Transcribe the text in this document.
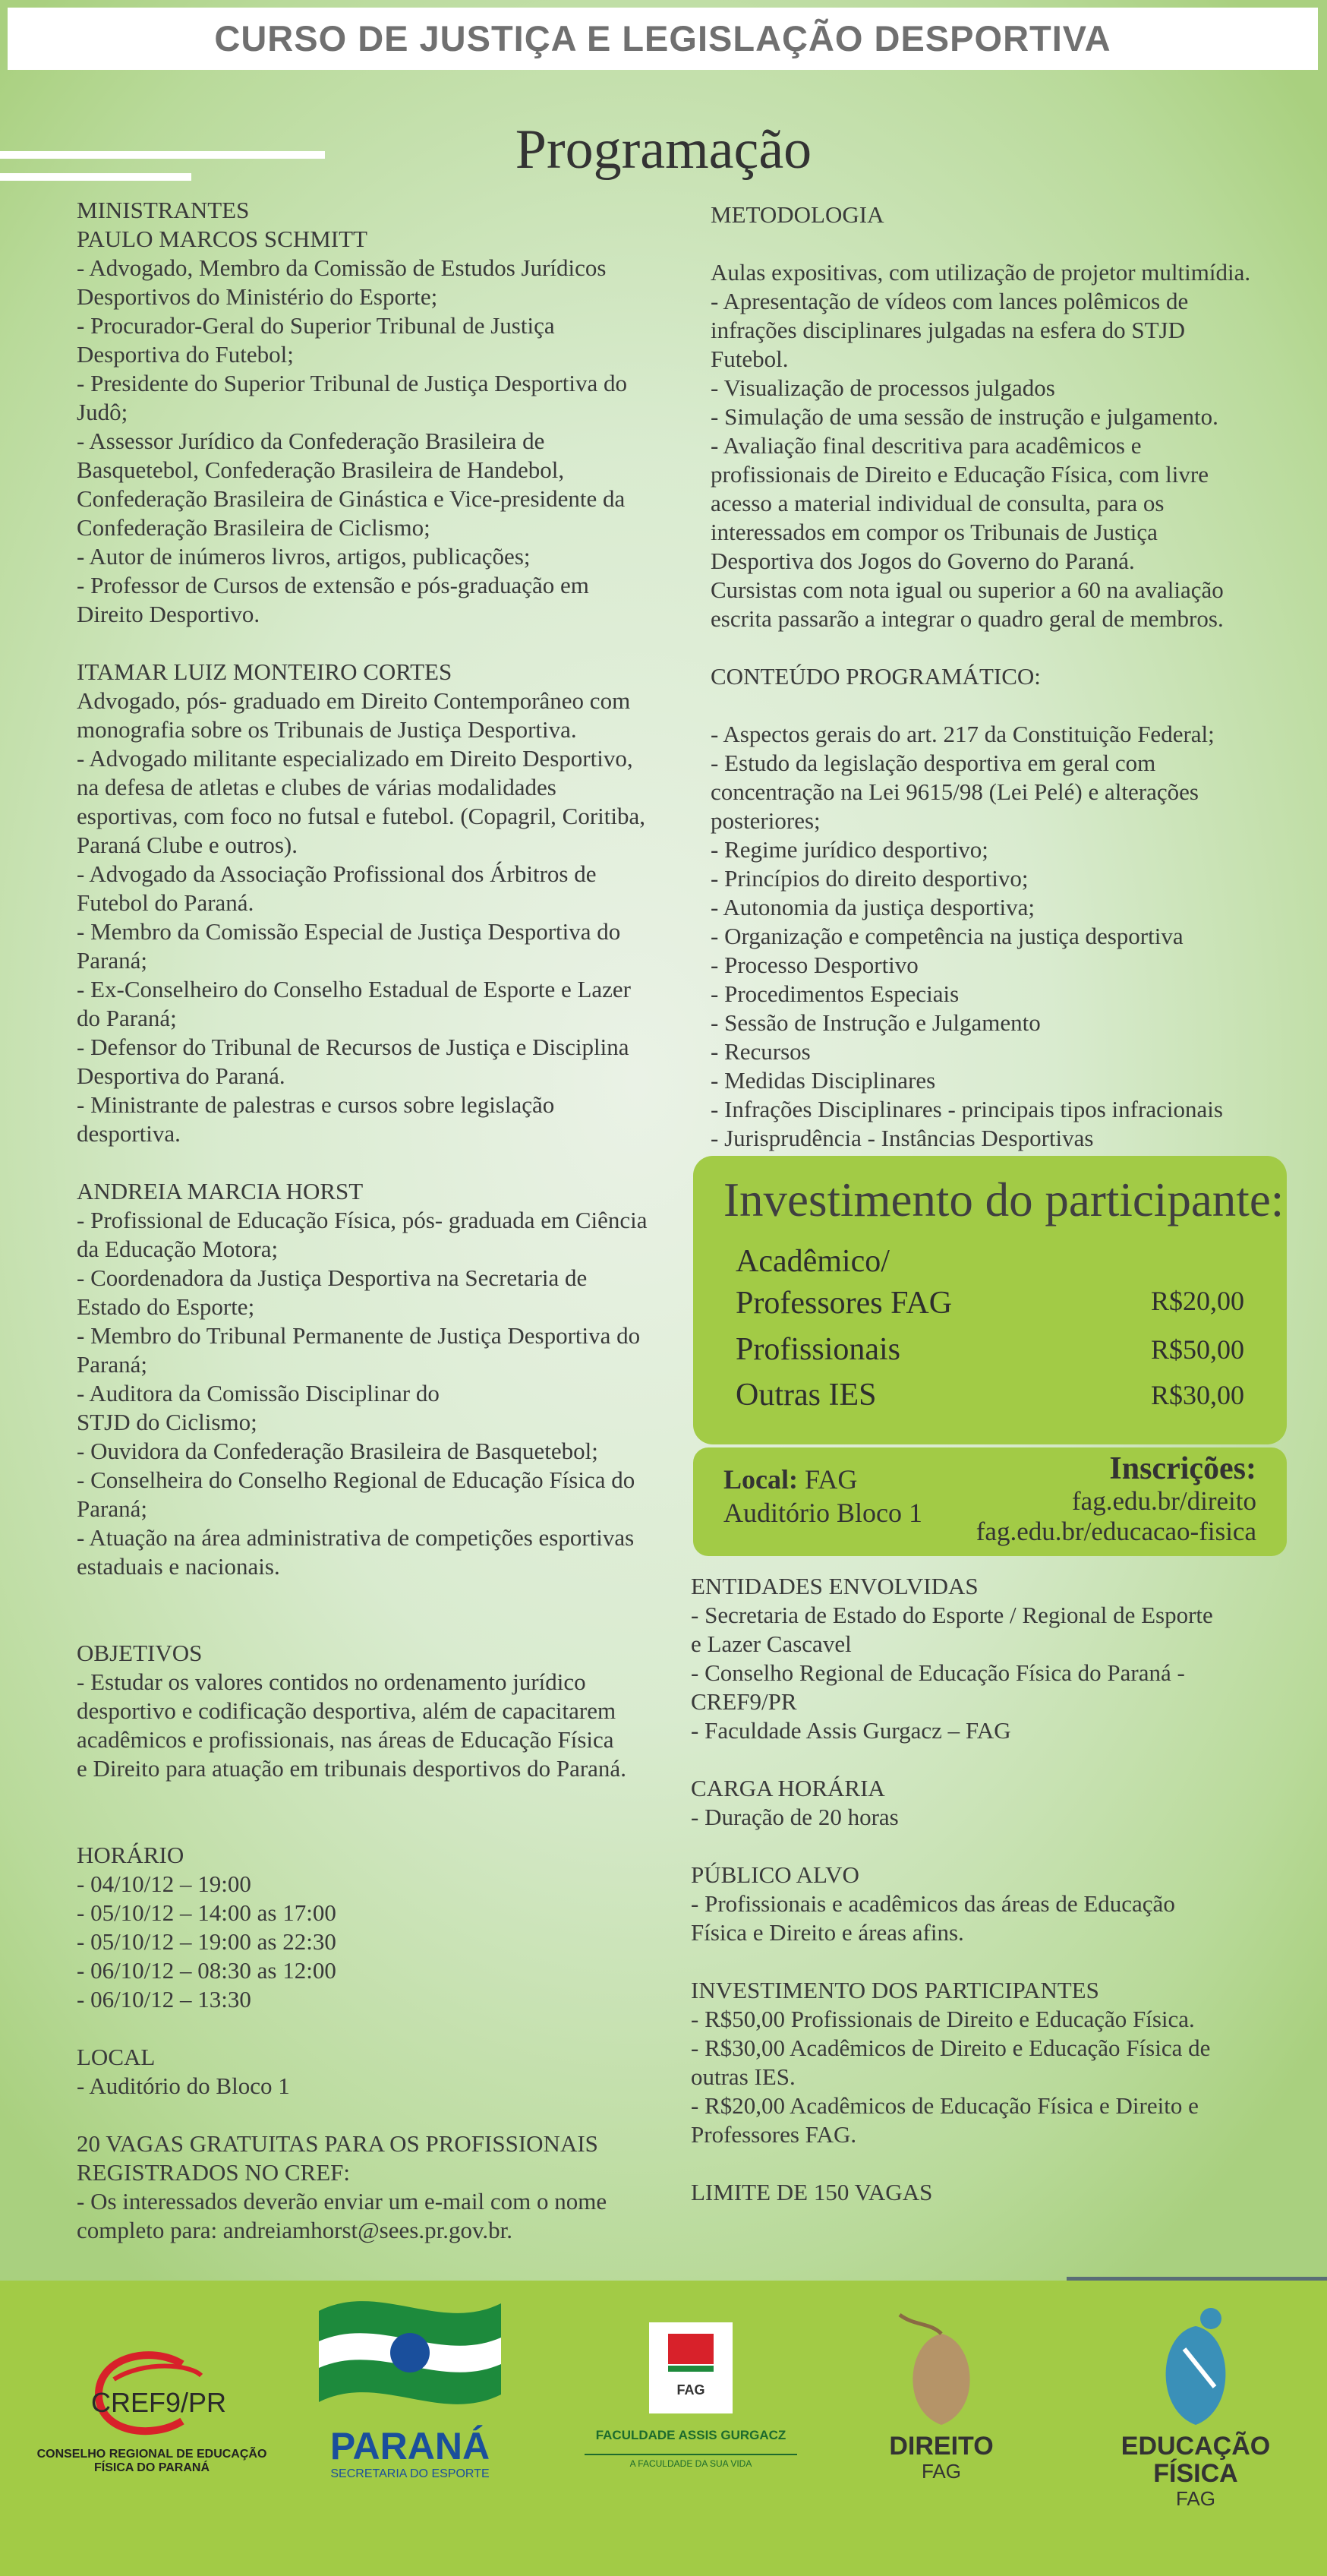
CURSO DE JUSTIÇA E LEGISLAÇÃO DESPORTIVA
Programação
MINISTRANTES
PAULO MARCOS SCHMITT
- Advogado, Membro da Comissão de Estudos Jurídicos
Desportivos do Ministério do Esporte;
- Procurador-Geral do Superior Tribunal de Justiça
Desportiva do Futebol;
- Presidente do Superior Tribunal de Justiça Desportiva do
Judô;
- Assessor Jurídico da Confederação Brasileira de
Basquetebol, Confederação Brasileira de Handebol,
Confederação Brasileira de Ginástica e Vice-presidente da
Confederação Brasileira de Ciclismo;
- Autor de inúmeros livros, artigos, publicações;
- Professor de Cursos de extensão e pós-graduação em
Direito Desportivo.
ITAMAR LUIZ MONTEIRO CORTES
Advogado, pós- graduado em Direito Contemporâneo com
monografia sobre os Tribunais de Justiça Desportiva.
- Advogado militante especializado em Direito Desportivo,
na defesa de atletas e clubes de várias modalidades
esportivas, com foco no futsal e futebol. (Copagril, Coritiba,
Paraná Clube e outros).
- Advogado da Associação Profissional dos Árbitros de
Futebol do Paraná.
- Membro da Comissão Especial de Justiça Desportiva do
Paraná;
- Ex-Conselheiro do Conselho Estadual de Esporte e Lazer
do Paraná;
- Defensor do Tribunal de Recursos de Justiça e Disciplina
Desportiva do Paraná.
- Ministrante de palestras e cursos sobre legislação
desportiva.
ANDREIA MARCIA HORST
- Profissional de Educação Física, pós- graduada em Ciência
da Educação Motora;
- Coordenadora da Justiça Desportiva na Secretaria de
Estado do Esporte;
- Membro do Tribunal Permanente de Justiça Desportiva do
Paraná;
- Auditora da Comissão Disciplinar do
STJD do Ciclismo;
- Ouvidora da Confederação Brasileira de Basquetebol;
- Conselheira do Conselho Regional de Educação Física do
Paraná;
- Atuação na área administrativa de competições esportivas
estaduais e nacionais.
OBJETIVOS
- Estudar os valores contidos no ordenamento jurídico
desportivo e codificação desportiva, além de capacitarem
acadêmicos e profissionais, nas áreas de Educação Física
e Direito para atuação em tribunais desportivos do Paraná.
HORÁRIO
- 04/10/12 – 19:00
- 05/10/12 – 14:00 as 17:00
- 05/10/12 – 19:00 as 22:30
- 06/10/12 – 08:30 as 12:00
- 06/10/12 – 13:30
LOCAL
- Auditório do Bloco 1
20 VAGAS GRATUITAS PARA OS PROFISSIONAIS
REGISTRADOS NO CREF:
- Os interessados deverão enviar um e-mail com o nome
completo para: andreiamhorst@sees.pr.gov.br.
METODOLOGIA
Aulas expositivas, com utilização de projetor multimídia.
- Apresentação de vídeos com lances polêmicos de
infrações disciplinares julgadas na esfera do STJD
Futebol.
- Visualização de processos julgados
- Simulação de uma sessão de instrução e julgamento.
- Avaliação final descritiva para acadêmicos e
profissionais de Direito e Educação Física, com livre
acesso a material individual de consulta, para os
interessados em compor os Tribunais de Justiça
Desportiva dos Jogos do Governo do Paraná.
Cursistas com nota igual ou superior a 60 na avaliação
escrita passarão a integrar o quadro geral de membros.
CONTEÚDO PROGRAMÁTICO:
- Aspectos gerais do art. 217 da Constituição Federal;
- Estudo da legislação desportiva em geral com
concentração na Lei 9615/98 (Lei Pelé) e alterações
posteriores;
- Regime jurídico desportivo;
- Princípios do direito desportivo;
- Autonomia da justiça desportiva;
- Organização e competência na justiça desportiva
- Processo Desportivo
- Procedimentos Especiais
- Sessão de Instrução e Julgamento
- Recursos
- Medidas Disciplinares
- Infrações Disciplinares - principais tipos infracionais
- Jurisprudência - Instâncias Desportivas
Investimento do participante:
Acadêmico/
Professores FAG	R$20,00
Profissionais	R$50,00
Outras IES	R$30,00
Local: FAG
Auditório Bloco 1
Inscrições:
fag.edu.br/direito
fag.edu.br/educacao-fisica
ENTIDADES ENVOLVIDAS
- Secretaria de Estado do Esporte / Regional de Esporte
e Lazer Cascavel
- Conselho Regional de Educação Física do Paraná -
CREF9/PR
- Faculdade Assis Gurgacz – FAG
CARGA HORÁRIA
- Duração de 20 horas
PÚBLICO ALVO
- Profissionais e acadêmicos das áreas de Educação
Física e Direito e áreas afins.
INVESTIMENTO DOS PARTICIPANTES
- R$50,00 Profissionais de Direito e Educação Física.
- R$30,00 Acadêmicos de Direito e Educação Física de
outras IES.
- R$20,00 Acadêmicos de Educação Física e Direito e
Professores FAG.
LIMITE DE 150 VAGAS
CREF9/PR
CONSELHO REGIONAL DE EDUCAÇÃO
FÍSICA DO PARANÁ
PARANÁ
SECRETARIA DO ESPORTE
FAG
FACULDADE ASSIS GURGACZ
A FACULDADE DA SUA VIDA
DIREITO
FAG
EDUCAÇÃO FÍSICA
FAG
